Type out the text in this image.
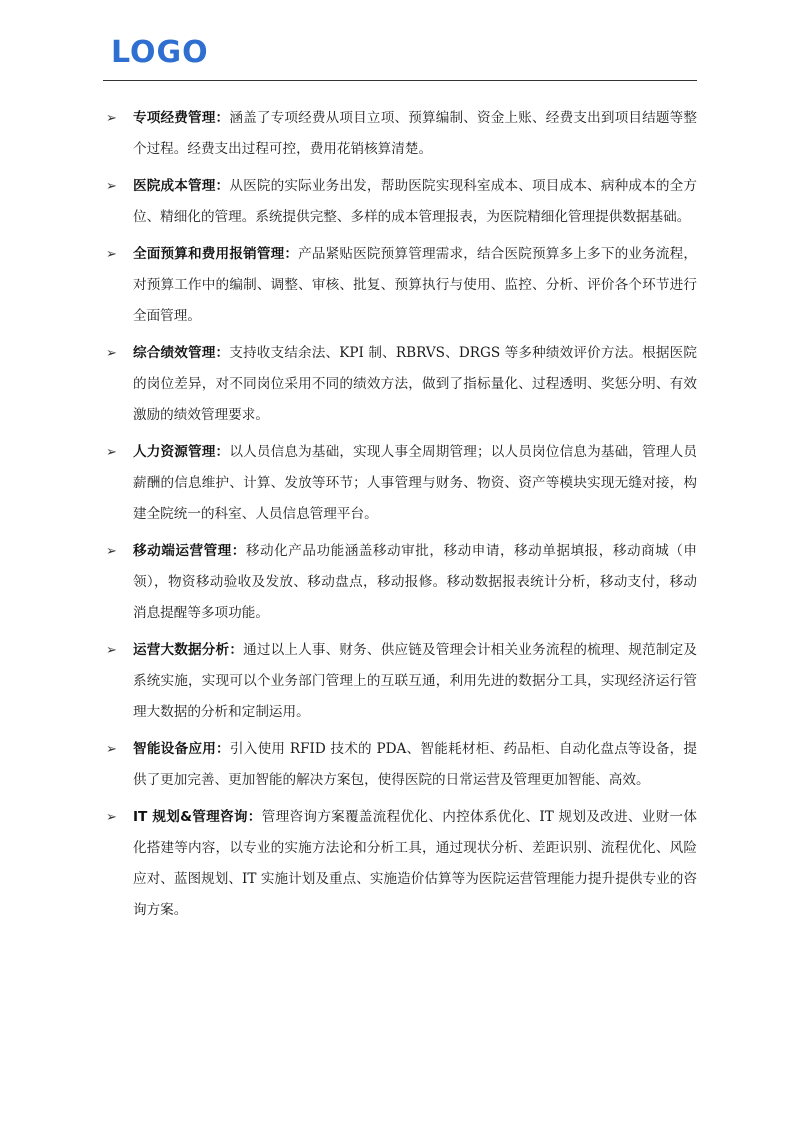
LOGO
➢ 专项经费管理：涵盖了专项经费从项目立项、预算编制、资金上账、经费支出到项目结题等整个过程。经费支出过程可控，费用花销核算清楚。

➢ 医院成本管理：从医院的实际业务出发，帮助医院实现科室成本、项目成本、病种成本的全方位、精细化的管理。系统提供完整、多样的成本管理报表，为医院精细化管理提供数据基础。

➢ 全面预算和费用报销管理：产品紧贴医院预算管理需求，结合医院预算多上多下的业务流程，对预算工作中的编制、调整、审核、批复、预算执行与使用、监控、分析、评价各个环节进行全面管理。

➢ 综合绩效管理：支持收支结余法、KPI 制、RBRVS、DRGS 等多种绩效评价方法。根据医院的岗位差异，对不同岗位采用不同的绩效方法，做到了指标量化、过程透明、奖惩分明、有效激励的绩效管理要求。

➢ 人力资源管理：以人员信息为基础，实现人事全周期管理；以人员岗位信息为基础，管理人员薪酬的信息维护、计算、发放等环节；人事管理与财务、物资、资产等模块实现无缝对接，构建全院统一的科室、人员信息管理平台。

➢ 移动端运营管理：移动化产品功能涵盖移动审批，移动申请，移动单据填报，移动商城（申领），物资移动验收及发放、移动盘点，移动报修。移动数据报表统计分析，移动支付，移动消息提醒等多项功能。

➢ 运营大数据分析：通过以上人事、财务、供应链及管理会计相关业务流程的梳理、规范制定及系统实施，实现可以个业务部门管理上的互联互通，利用先进的数据分工具，实现经济运行管理大数据的分析和定制运用。

➢ 智能设备应用：引入使用 RFID 技术的 PDA、智能耗材柜、药品柜、自动化盘点等设备，提供了更加完善、更加智能的解决方案包，使得医院的日常运营及管理更加智能、高效。

➢ IT 规划&管理咨询：管理咨询方案覆盖流程优化、内控体系优化、IT 规划及改进、业财一体化搭建等内容，以专业的实施方法论和分析工具，通过现状分析、差距识别、流程优化、风险应对、蓝图规划、IT 实施计划及重点、实施造价估算等为医院运营管理能力提升提供专业的咨询方案。
